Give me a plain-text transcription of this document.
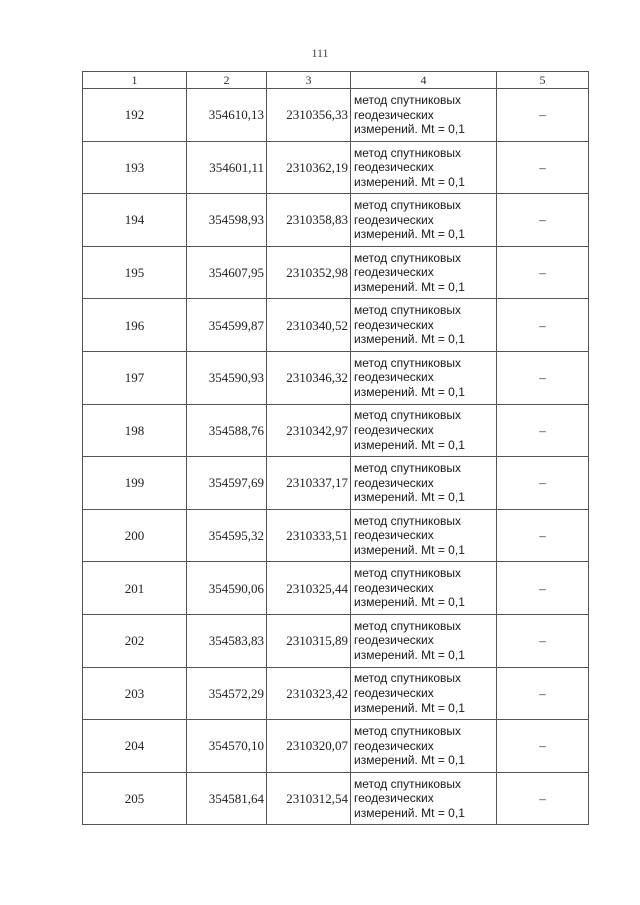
111
1	2	3	4	5
192	354610,13	2310356,33	метод спутниковых геодезических измерений. Mt = 0,1	–
193	354601,11	2310362,19	метод спутниковых геодезических измерений. Mt = 0,1	–
194	354598,93	2310358,83	метод спутниковых геодезических измерений. Mt = 0,1	–
195	354607,95	2310352,98	метод спутниковых геодезических измерений. Mt = 0,1	–
196	354599,87	2310340,52	метод спутниковых геодезических измерений. Mt = 0,1	–
197	354590,93	2310346,32	метод спутниковых геодезических измерений. Mt = 0,1	–
198	354588,76	2310342,97	метод спутниковых геодезических измерений. Mt = 0,1	–
199	354597,69	2310337,17	метод спутниковых геодезических измерений. Mt = 0,1	–
200	354595,32	2310333,51	метод спутниковых геодезических измерений. Mt = 0,1	–
201	354590,06	2310325,44	метод спутниковых геодезических измерений. Mt = 0,1	–
202	354583,83	2310315,89	метод спутниковых геодезических измерений. Mt = 0,1	–
203	354572,29	2310323,42	метод спутниковых геодезических измерений. Mt = 0,1	–
204	354570,10	2310320,07	метод спутниковых геодезических измерений. Mt = 0,1	–
205	354581,64	2310312,54	метод спутниковых геодезических измерений. Mt = 0,1	–
